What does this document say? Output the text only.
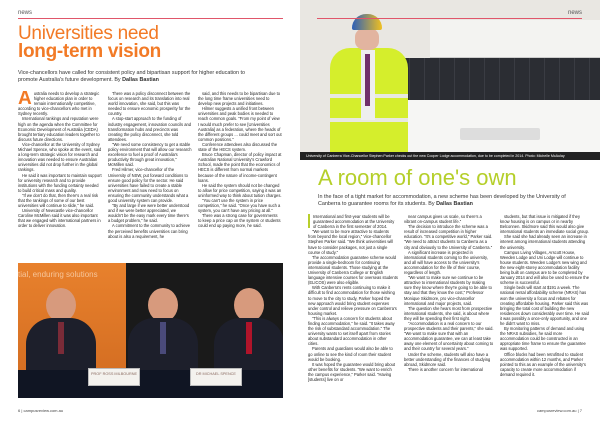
news
Universities need
long-term vision
Vice-chancellors have called for consistent policy and bipartisan support for higher education to promote Australia's future development. By Dallas Bastian
A ustralia needs to develop a strategic higher education plan in order to remain internationally competitive, according to vice-chancellors who met in Sydney recently.

International rankings and reputation were high on the agenda when the Committee for Economic Development of Australia (CEDA) brought tertiary education leaders together to discuss future directions.

Vice-chancellor at the University of Sydney Michael Spence, who spoke at the event, said a long-term strategic vision for research and innovation was needed to ensure Australian universities did not drop further in the global rankings.

He said it was important to maintain support for university research and to provide institutions with the funding certainty needed to build critical mass and quality.

"If we don't do that, then there's a real risk that the rankings of some of our best universities will continue to slide," he said.

University of Newcastle vice-chancellor Caroline McMillen said it was also important that we engaged with international partners in order to deliver innovation.

There was a policy disconnect between the focus on research and its translation into real world innovation, she said, but this was needed to ensure economic prosperity for the country.

A stop-start approach to the funding of industry engagement, innovation councils and transformation hubs and precincts was creating the policy disconnect, she told attendees.

"We need some consistency to get a stable policy environment that will allow our research excellence to fuel a proof of Australia's productivity through great innovation," McMillen said.

Fred Hilmer, vice-chancellor of the University of NSW, put forward conditions to ensure good policy for the sector. He said universities have failed to create a stable environment and now need to focus on ensuring the community understands what a good university system can provide.

"By and large if we were better understood and if we were better appreciated, we wouldn't be the easy mark every time there's a budget problem," he said.

A commitment to the community to achieve the perceived benefits universities can bring about is also a requirement, he

said, and this needs to be bipartisan due to the long time frame universities need to develop new projects and initiatives.

Hilmer suggests a unified front between universities and peak bodies is needed to reach common goals. "From my point of view I would much prefer to see [Universities Australia] as a federation, where the heads of the different groups ... could meet and sort out common positions."

Conference attendees also discussed the state of the HECS system.

Bruce Chapman, director of policy impact at Australian National University's Crawford School, made the point that the economics of HECS is different from normal markets because of the nature of income-contingent loans.

He said the system should not be changed to allow for price competition, saying it was an uninformed way to think about tuition charges.

"You can't use the system in price competition," he said. "Once you have such a system, you can't have any pricing at all."

There was a strong case for governments to keep a price cap on the system or students could end up paying more, he said.

tial, enduring solutions
PROF ROSS MILBOURNE	DR MICHAEL SPENCE
6 | campusreview.com.au
news
University of Canberra Vice-Chancellor Stephen Parker checks out the new Cooper Lodge accommodation, due to be completed in 2014. Photo: Michelle McAulay
A room of one's own
In the face of a tight market for accommodation, a new scheme has been developed by the University of Canberra to guarantee rooms for its students. By Dallas Bastian

International and first-year students will be guaranteed accommodation at the University of Canberra in the first semester of 2014.

"We want to be more attractive to students from beyond the local region," Vice-chancellor Stephen Parker said. "We think universities will have to consider packages, not just a single course of study."

The accommodation guarantee scheme would provide a single-bedroom for continuing international students. Those studying at the University of Canberra College or English language intensive courses for overseas students (ELICOS) were also eligible.

With Canberra's rents continuing to make it difficult to find accommodation for those wishing to move to the city to study, Parker hoped the new approach would bring student expenses under control and relieve pressure on Canberra's housing market.

"This is always a concern for students about finding accommodation," he said. "It takes away the risk of substandard accommodation." The university wants to set itself apart from stories about substandard accommodation in other cities.

Parents and guardians would also be able to go online to see the kind of room their student would be booking.

It was hoped the guarantee would bring about other benefits for students. "We want to enrich the campus experience," Parker said. "Having [students] live on or

near campus gives us scale, so there's a vibrant on-campus student life."

The decision to introduce the scheme was a result of increased competition in higher education. "It's a competitive world," Parker said. "We need to attract students to Canberra as a city and obviously to the University of Canberra."

A significant increase is projected in international students coming to the university, and all will have access to the university's accommodation for the life of their course, regardless of length.

"We want to make sure we continue to be attractive to international students by making sure they know where they're going to be able to stay and that they know the cost," Professor Monique Skidmore, pro vice-chancellor international and major projects, said.

The question she hears most from prospective international students, she said, is about where they will be spending their first night.

"Accommodation is a real concern to our prospective students and their parents," she said. "We want to make sure that with an accommodation guarantee, we can at least take away one element of uncertainty about coming to and their country for several years."

Under the scheme, students will also have a better understanding of the finances of studying abroad, Skidmore said.

There is another concern for international

students, but that issue is mitigated if they know housing is on campus or in nearby Belconnen. Skidmore said this would also give international students an immediate social group.

She said she had already seen an increase in interest among international students attending the university.

Campus Living Villages, Arscott House, Weeden Lodge and Uni Lodge will continue to house students. Weeden Lodge's new wing and the new eight-storey accommodation facility being built on campus are to be completed by January 2014 and will also be used to ensure the scheme is successful.

Single beds will start at $191 a week. The national rental affordability scheme (NRAS) has won the university a focus and rebates for creating affordable housing. Parker said this was bringing the total cost of building the new residences down considerably over time. He said it was possibly a once-only opportunity, and one he didn't want to miss.

By monitoring patterns of demand and using the NRAS subsidies, he said more accommodation could be constructed in an appropriate time frame to ensure the guarantee was supported.

Office blocks had been retrofitted to student accommodation within 12 months, and Parker pointed to this as an example of the university's capacity to create more accommodation if demand required it.

campusreview.com.au | 7
